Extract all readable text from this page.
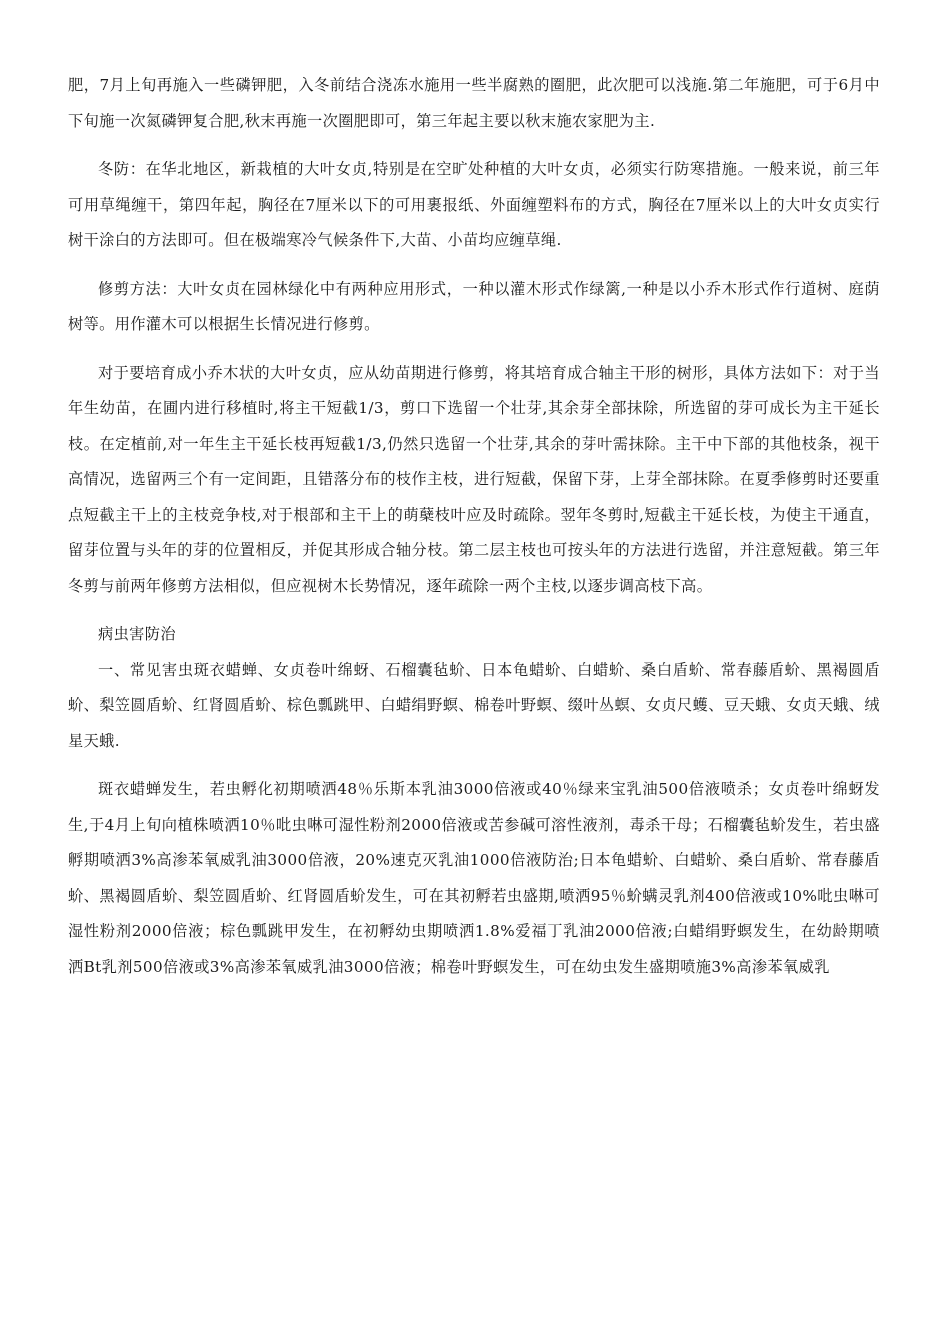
肥，7月上旬再施入一些磷钾肥，入冬前结合浇冻水施用一些半腐熟的圈肥，此次肥可以浅施.第二年施肥，可于6月中下旬施一次氮磷钾复合肥,秋末再施一次圈肥即可，第三年起主要以秋末施农家肥为主.

冬防：在华北地区，新栽植的大叶女贞,特别是在空旷处种植的大叶女贞，必须实行防寒措施。一般来说，前三年可用草绳缠干，第四年起，胸径在7厘米以下的可用裹报纸、外面缠塑料布的方式，胸径在7厘米以上的大叶女贞实行树干涂白的方法即可。但在极端寒冷气候条件下,大苗、小苗均应缠草绳.

修剪方法：大叶女贞在园林绿化中有两种应用形式，一种以灌木形式作绿篱,一种是以小乔木形式作行道树、庭荫树等。用作灌木可以根据生长情况进行修剪。

对于要培育成小乔木状的大叶女贞，应从幼苗期进行修剪，将其培育成合轴主干形的树形，具体方法如下：对于当年生幼苗，在圃内进行移植时,将主干短截1/3，剪口下选留一个壮芽,其余芽全部抹除，所选留的芽可成长为主干延长枝。在定植前,对一年生主干延长枝再短截1/3,仍然只选留一个壮芽,其余的芽叶需抹除。主干中下部的其他枝条，视干高情况，选留两三个有一定间距，且错落分布的枝作主枝，进行短截，保留下芽，上芽全部抹除。在夏季修剪时还要重点短截主干上的主枝竞争枝,对于根部和主干上的萌蘖枝叶应及时疏除。翌年冬剪时,短截主干延长枝，为使主干通直，留芽位置与头年的芽的位置相反，并促其形成合轴分枝。第二层主枝也可按头年的方法进行选留，并注意短截。第三年冬剪与前两年修剪方法相似，但应视树木长势情况，逐年疏除一两个主枝,以逐步调高枝下高。

病虫害防治

一、常见害虫斑衣蜡蝉、女贞卷叶绵蚜、石榴囊毡蚧、日本龟蜡蚧、白蜡蚧、桑白盾蚧、常春藤盾蚧、黑褐圆盾蚧、梨笠圆盾蚧、红肾圆盾蚧、棕色瓢跳甲、白蜡绢野螟、棉卷叶野螟、缀叶丛螟、女贞尺蠖、豆天蛾、女贞天蛾、绒星天蛾.

斑衣蜡蝉发生，若虫孵化初期喷洒48％乐斯本乳油3000倍液或40％绿来宝乳油500倍液喷杀；女贞卷叶绵蚜发生,于4月上旬向植株喷洒10％吡虫啉可湿性粉剂2000倍液或苦参碱可溶性液剂，毒杀干母；石榴囊毡蚧发生，若虫盛孵期喷洒3%高渗苯氧威乳油3000倍液，20%速克灭乳油1000倍液防治;日本龟蜡蚧、白蜡蚧、桑白盾蚧、常春藤盾蚧、黑褐圆盾蚧、梨笠圆盾蚧、红肾圆盾蚧发生，可在其初孵若虫盛期,喷洒95％蚧螨灵乳剂400倍液或10%吡虫啉可湿性粉剂2000倍液；棕色瓢跳甲发生，在初孵幼虫期喷洒1.8%爱福丁乳油2000倍液;白蜡绢野螟发生，在幼龄期喷洒Bt乳剂500倍液或3%高渗苯氧威乳油3000倍液；棉卷叶野螟发生，可在幼虫发生盛期喷施3%高渗苯氧威乳
